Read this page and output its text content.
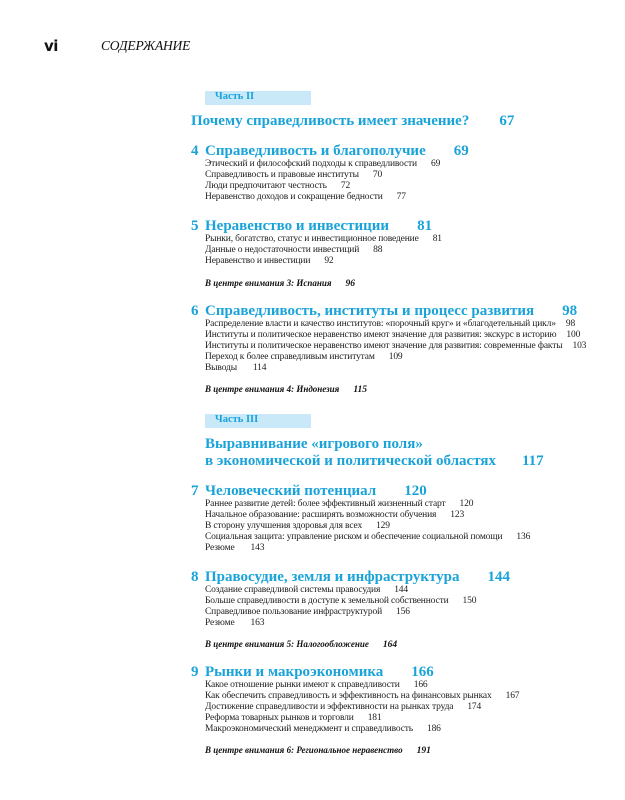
vi	СОДЕРЖАНИЕ
Часть II
Почему справедливость имеет значение? 67
4 Справедливость и благополучие 69
Этический и философский подходы к справедливости 69
Справедливость и правовые институты 70
Люди предпочитают честность 72
Неравенство доходов и сокращение бедности 77
5 Неравенство и инвестиции 81
Рынки, богатство, статус и инвестиционное поведение 81
Данные о недостаточности инвестиций 88
Неравенство и инвестиции 92
В центре внимания 3: Испания 96
6 Справедливость, институты и процесс развития 98
Распределение власти и качество институтов: «порочный круг» и «благодетельный цикл» 98
Институты и политическое неравенство имеют значение для развития: экскурс в историю 100
Институты и политическое неравенство имеют значение для развития: современные факты 103
Переход к более справедливым институтам 109
Выводы 114
В центре внимания 4: Индонезия 115
Часть III
Выравнивание «игрового поля»
в экономической и политической областях 117
7 Человеческий потенциал 120
Раннее развитие детей: более эффективный жизненный старт 120
Начальное образование: расширять возможности обучения 123
В сторону улучшения здоровья для всех 129
Социальная защита: управление риском и обеспечение социальной помощи 136
Резюме 143
8 Правосудие, земля и инфраструктура 144
Создание справедливой системы правосудия 144
Больше справедливости в доступе к земельной собственности 150
Справедливое пользование инфраструктурой 156
Резюме 163
В центре внимания 5: Налогообложение 164
9 Рынки и макроэкономика 166
Какое отношение рынки имеют к справедливости 166
Как обеспечить справедливость и эффективность на финансовых рынках 167
Достижение справедливости и эффективности на рынках труда 174
Реформа товарных рынков и торговли 181
Макроэкономический менеджмент и справедливость 186
В центре внимания 6: Региональное неравенство 191
